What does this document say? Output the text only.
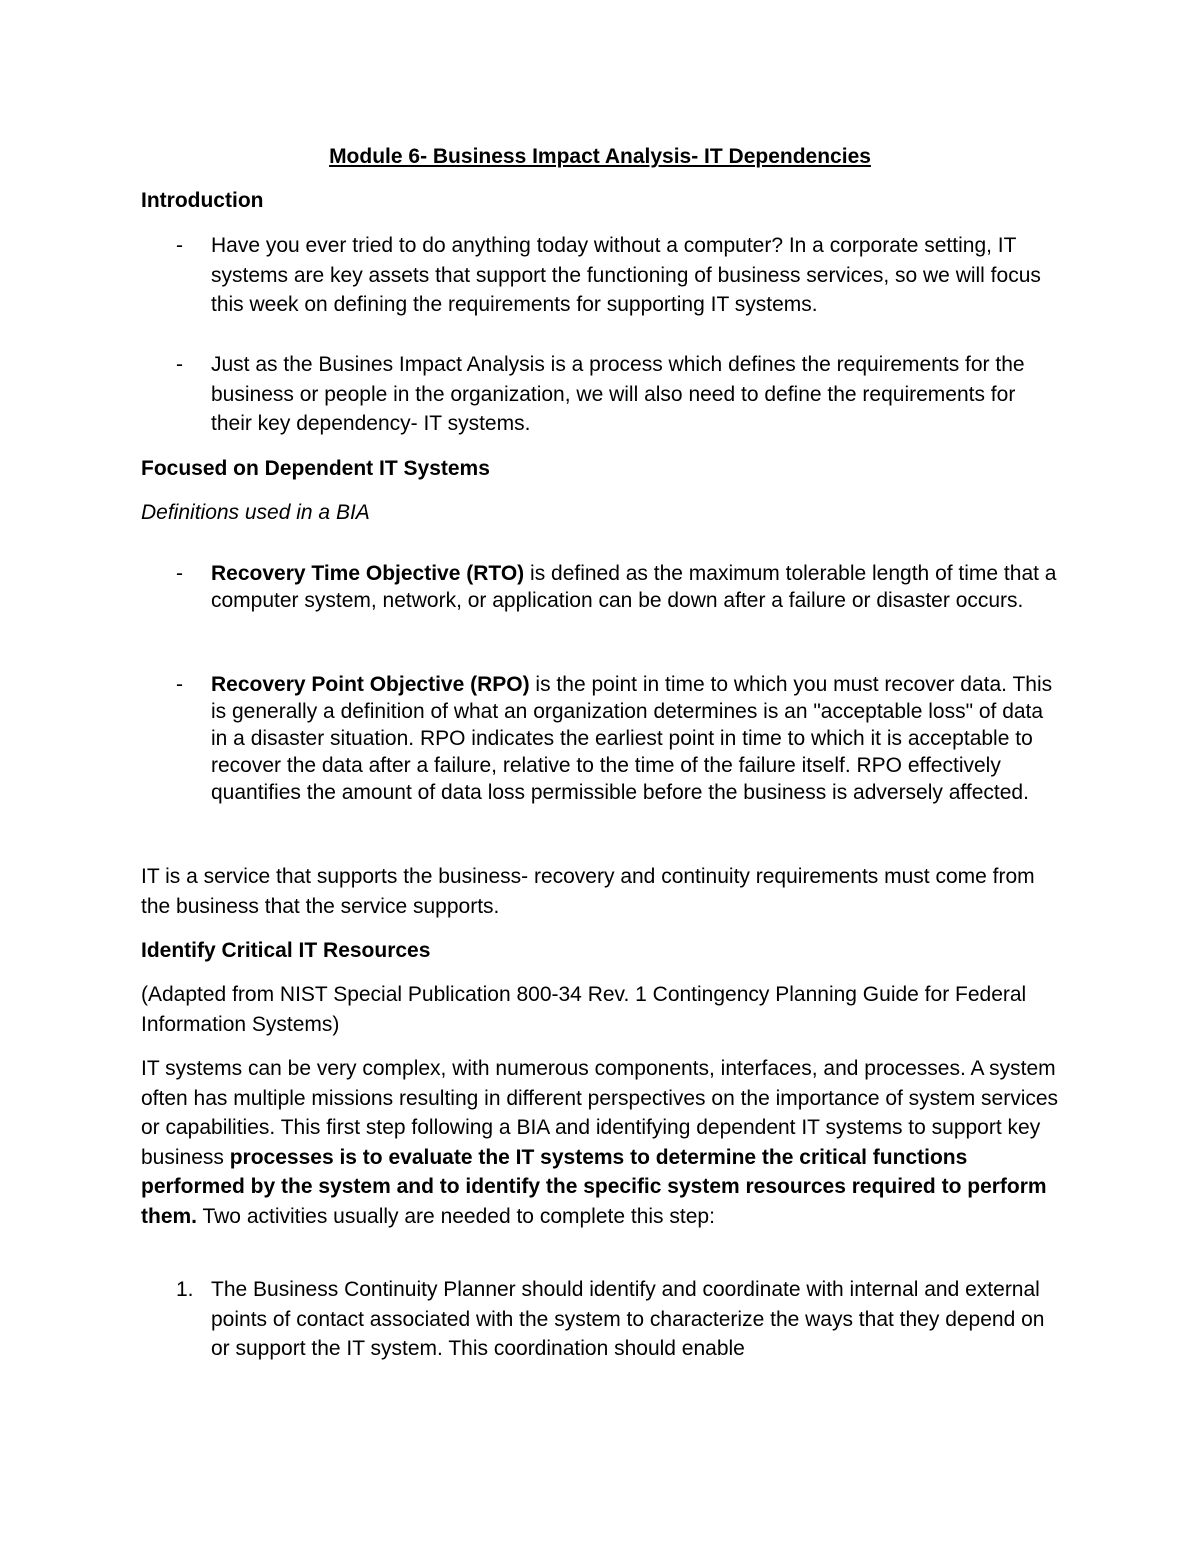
Module 6- Business Impact Analysis- IT Dependencies
Introduction
- Have you ever tried to do anything today without a computer? In a corporate setting, IT systems are key assets that support the functioning of business services, so we will focus this week on defining the requirements for supporting IT systems.
- Just as the Busines Impact Analysis is a process which defines the requirements for the business or people in the organization, we will also need to define the requirements for their key dependency- IT systems.
Focused on Dependent IT Systems

Definitions used in a BIA

- Recovery Time Objective (RTO) is defined as the maximum tolerable length of time that a computer system, network, or application can be down after a failure or disaster occurs.
- Recovery Point Objective (RPO) is the point in time to which you must recover data. This is generally a definition of what an organization determines is an "acceptable loss" of data in a disaster situation. RPO indicates the earliest point in time to which it is acceptable to recover the data after a failure, relative to the time of the failure itself. RPO effectively quantifies the amount of data loss permissible before the business is adversely affected.

IT is a service that supports the business- recovery and continuity requirements must come from the business that the service supports.

Identify Critical IT Resources

(Adapted from NIST Special Publication 800-34 Rev. 1 Contingency Planning Guide for Federal Information Systems)

IT systems can be very complex, with numerous components, interfaces, and processes. A system often has multiple missions resulting in different perspectives on the importance of system services or capabilities. This first step following a BIA and identifying dependent IT systems to support key business processes is to evaluate the IT systems to determine the critical functions performed by the system and to identify the specific system resources required to perform them. Two activities usually are needed to complete this step:

1. The Business Continuity Planner should identify and coordinate with internal and external points of contact associated with the system to characterize the ways that they depend on or support the IT system. This coordination should enable
